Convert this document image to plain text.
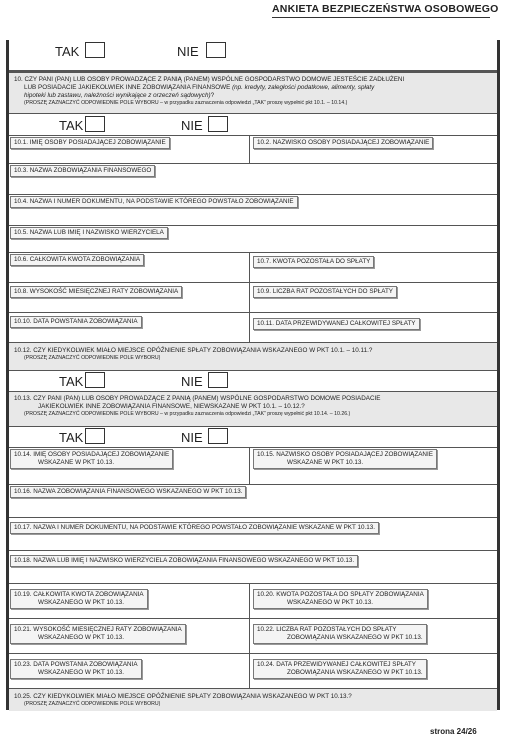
ANKIETA BEZPIECZEŃSTWA OSOBOWEGO
TAK	NIE
10. CZY PANI (PAN) LUB OSOBY PROWADZĄCE Z PANIĄ (PANEM) WSPÓLNE GOSPODARSTWO DOMOWE JESTEŚCIE ZADŁUŻENI
LUB POSIADACIE JAKIEKOLWIEK INNE ZOBOWIĄZANIA FINANSOWE (np. kredyty, zaległości podatkowe, alimenty, spłaty
hipoteki lub zastawu, należności wynikające z orzeczeń sądowych)?
(PROSZĘ ZAZNACZYĆ ODPOWIEDNIE POLE WYBORU – w przypadku zaznaczenia odpowiedzi „TAK” proszę wypełnić pkt 10.1. – 10.14.)
TAK	NIE
10.1. IMIĘ OSOBY POSIADAJĄCEJ ZOBOWIĄZANIE	10.2. NAZWISKO OSOBY POSIADAJĄCEJ ZOBOWIĄZANIE
10.3. NAZWA ZOBOWIĄZANIA FINANSOWEGO
10.4. NAZWA I NUMER DOKUMENTU, NA PODSTAWIE KTÓREGO POWSTAŁO ZOBOWIĄZANIE
10.5. NAZWA LUB IMIĘ I NAZWISKO WIERZYCIELA
10.6. CAŁKOWITA KWOTA ZOBOWIĄZANIA	10.7. KWOTA POZOSTAŁA DO SPŁATY
10.8. WYSOKOŚĆ MIESIĘCZNEJ RATY ZOBOWIĄZANIA	10.9. LICZBA RAT POZOSTAŁYCH DO SPŁATY
10.10. DATA POWSTANIA ZOBOWIĄZANIA	10.11. DATA PRZEWIDYWANEJ CAŁKOWITEJ SPŁATY
10.12. CZY KIEDYKOLWIEK MIAŁO MIEJSCE OPÓŹNIENIE SPŁATY ZOBOWIĄZANIA WSKAZANEGO W PKT 10.1. – 10.11.?
(PROSZĘ ZAZNACZYĆ ODPOWIEDNIE POLE WYBORU)
TAK	NIE
10.13. CZY PANI (PAN) LUB OSOBY PROWADZĄCE Z PANIĄ (PANEM) WSPÓLNE GOSPODARSTWO DOMOWE POSIADACIE
JAKIEKOLWIEK INNE ZOBOWIĄZANIA FINANSOWE, NIEWSKAZANE W PKT 10.1. – 10.12.?
(PROSZĘ ZAZNACZYĆ ODPOWIEDNIE POLE WYBORU – w przypadku zaznaczenia odpowiedzi „TAK” proszę wypełnić pkt 10.14. – 10.26.)
TAK	NIE
10.14. IMIĘ OSOBY POSIADAJĄCEJ ZOBOWIĄZANIE
WSKAZANE W PKT 10.13.
10.15. NAZWISKO OSOBY POSIADAJĄCEJ ZOBOWIĄZANIE
WSKAZANE W PKT 10.13.
10.16. NAZWA ZOBOWIĄZANIA FINANSOWEGO WSKAZANEGO W PKT 10.13.
10.17. NAZWA I NUMER DOKUMENTU, NA PODSTAWIE KTÓREGO POWSTAŁO ZOBOWIĄZANIE WSKAZANE W PKT 10.13.
10.18. NAZWA LUB IMIĘ I NAZWISKO WIERZYCIELA ZOBOWIĄZANIA FINANSOWEGO WSKAZANEGO W PKT 10.13.
10.19. CAŁKOWITA KWOTA ZOBOWIĄZANIA
WSKAZANEGO W PKT 10.13.
10.20. KWOTA POZOSTAŁA DO SPŁATY ZOBOWIĄZANIA
WSKAZANEGO W PKT 10.13.
10.21. WYSOKOŚĆ MIESIĘCZNEJ RATY ZOBOWIĄZANIA
WSKAZANEGO W PKT 10.13.
10.22. LICZBA RAT POZOSTAŁYCH DO SPŁATY
ZOBOWIĄZANIA WSKAZANEGO W PKT 10.13.
10.23. DATA POWSTANIA ZOBOWIĄZANIA
WSKAZANEGO W PKT 10.13.
10.24. DATA PRZEWIDYWANEJ CAŁKOWITEJ SPŁATY
ZOBOWIĄZANIA WSKAZANEGO W PKT 10.13.
10.25. CZY KIEDYKOLWIEK MIAŁO MIEJSCE OPÓŹNIENIE SPŁATY ZOBOWIĄZANIA WSKAZANEGO W PKT 10.13.?
(PROSZĘ ZAZNACZYĆ ODPOWIEDNIE POLE WYBORU)
strona 24/26
